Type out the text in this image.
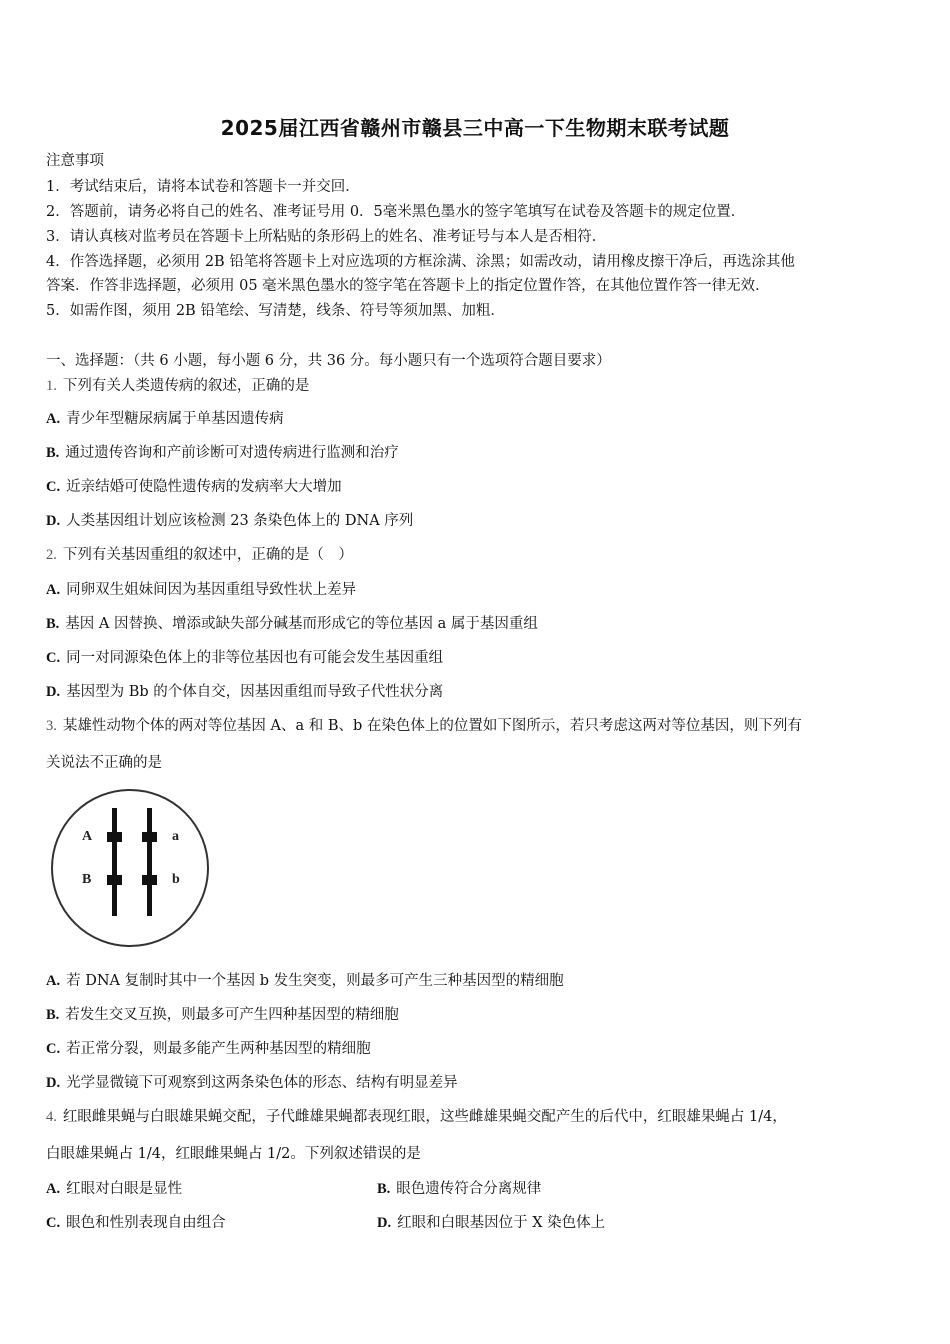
2025届江西省赣州市赣县三中高一下生物期末联考试题
注意事项
1．考试结束后，请将本试卷和答题卡一并交回．
2．答题前，请务必将自己的姓名、准考证号用 0．5毫米黑色墨水的签字笔填写在试卷及答题卡的规定位置．
3．请认真核对监考员在答题卡上所粘贴的条形码上的姓名、准考证号与本人是否相符．
4．作答选择题，必须用 2B 铅笔将答题卡上对应选项的方框涂满、涂黑；如需改动，请用橡皮擦干净后，再选涂其他
答案．作答非选择题，必须用 05 毫米黑色墨水的签字笔在答题卡上的指定位置作答，在其他位置作答一律无效．
5．如需作图，须用 2B 铅笔绘、写清楚，线条、符号等须加黑、加粗．
一、选择题：（共 6 小题，每小题 6 分，共 36 分。每小题只有一个选项符合题目要求）
1. 下列有关人类遗传病的叙述，正确的是
A. 青少年型糖尿病属于单基因遗传病
B. 通过遗传咨询和产前诊断可对遗传病进行监测和治疗
C. 近亲结婚可使隐性遗传病的发病率大大增加
D. 人类基因组计划应该检测 23 条染色体上的 DNA 序列
2. 下列有关基因重组的叙述中，正确的是（　）
A. 同卵双生姐妹间因为基因重组导致性状上差异
B. 基因 A 因替换、增添或缺失部分碱基而形成它的等位基因 a 属于基因重组
C. 同一对同源染色体上的非等位基因也有可能会发生基因重组
D. 基因型为 Bb 的个体自交，因基因重组而导致子代性状分离
3. 某雄性动物个体的两对等位基因 A、a 和 B、b 在染色体上的位置如下图所示，若只考虑这两对等位基因，则下列有
关说法不正确的是
A	a
B	b
A. 若 DNA 复制时其中一个基因 b 发生突变，则最多可产生三种基因型的精细胞
B. 若发生交叉互换，则最多可产生四种基因型的精细胞
C. 若正常分裂，则最多能产生两种基因型的精细胞
D. 光学显微镜下可观察到这两条染色体的形态、结构有明显差异
4. 红眼雌果蝇与白眼雄果蝇交配，子代雌雄果蝇都表现红眼，这些雌雄果蝇交配产生的后代中，红眼雄果蝇占 1/4，
白眼雄果蝇占 1/4，红眼雌果蝇占 1/2。下列叙述错误的是
A. 红眼对白眼是显性	B. 眼色遗传符合分离规律
C. 眼色和性别表现自由组合	D. 红眼和白眼基因位于 X 染色体上
